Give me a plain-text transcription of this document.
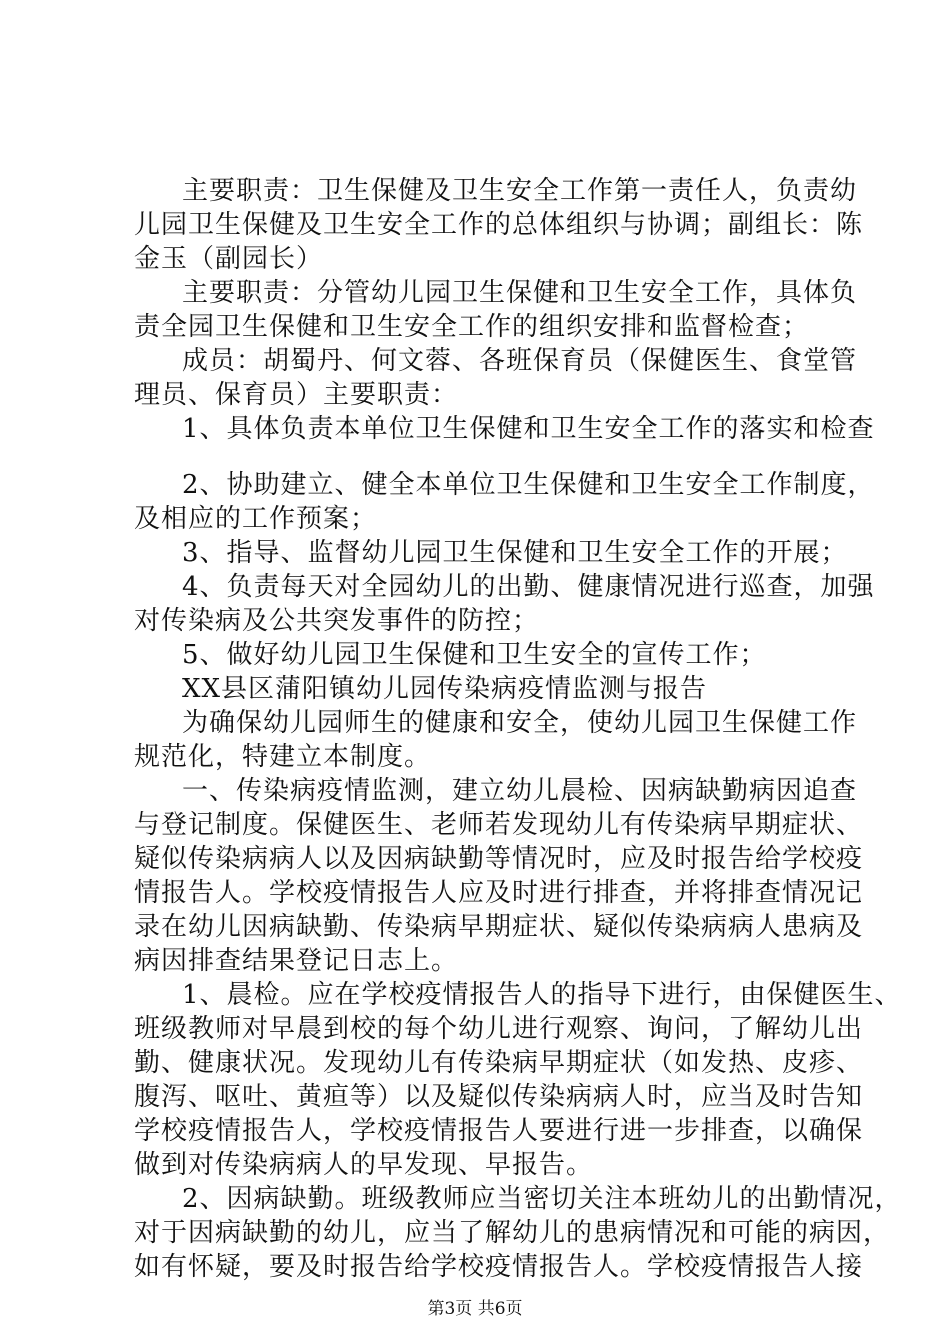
主要职责：卫生保健及卫生安全工作第一责任人，负责幼
儿园卫生保健及卫生安全工作的总体组织与协调；副组长：陈
金玉（副园长）
主要职责：分管幼儿园卫生保健和卫生安全工作，具体负
责全园卫生保健和卫生安全工作的组织安排和监督检查；
成员：胡蜀丹、何文蓉、各班保育员（保健医生、食堂管
理员、保育员）主要职责：
1、具体负责本单位卫生保健和卫生安全工作的落实和检查
2、协助建立、健全本单位卫生保健和卫生安全工作制度，
及相应的工作预案；
3、指导、监督幼儿园卫生保健和卫生安全工作的开展；
4、负责每天对全园幼儿的出勤、健康情况进行巡查，加强
对传染病及公共突发事件的防控；
5、做好幼儿园卫生保健和卫生安全的宣传工作；
XX县区蒲阳镇幼儿园传染病疫情监测与报告
为确保幼儿园师生的健康和安全，使幼儿园卫生保健工作
规范化，特建立本制度。
一、传染病疫情监测，建立幼儿晨检、因病缺勤病因追查
与登记制度。保健医生、老师若发现幼儿有传染病早期症状、
疑似传染病病人以及因病缺勤等情况时，应及时报告给学校疫
情报告人。学校疫情报告人应及时进行排查，并将排查情况记
录在幼儿因病缺勤、传染病早期症状、疑似传染病病人患病及
病因排查结果登记日志上。
1、晨检。应在学校疫情报告人的指导下进行，由保健医生、
班级教师对早晨到校的每个幼儿进行观察、询问，了解幼儿出
勤、健康状况。发现幼儿有传染病早期症状（如发热、皮疹、
腹泻、呕吐、黄疸等）以及疑似传染病病人时，应当及时告知
学校疫情报告人，学校疫情报告人要进行进一步排查，以确保
做到对传染病病人的早发现、早报告。
2、因病缺勤。班级教师应当密切关注本班幼儿的出勤情况，
对于因病缺勤的幼儿，应当了解幼儿的患病情况和可能的病因，
如有怀疑，要及时报告给学校疫情报告人。学校疫情报告人接
第3页 共6页
